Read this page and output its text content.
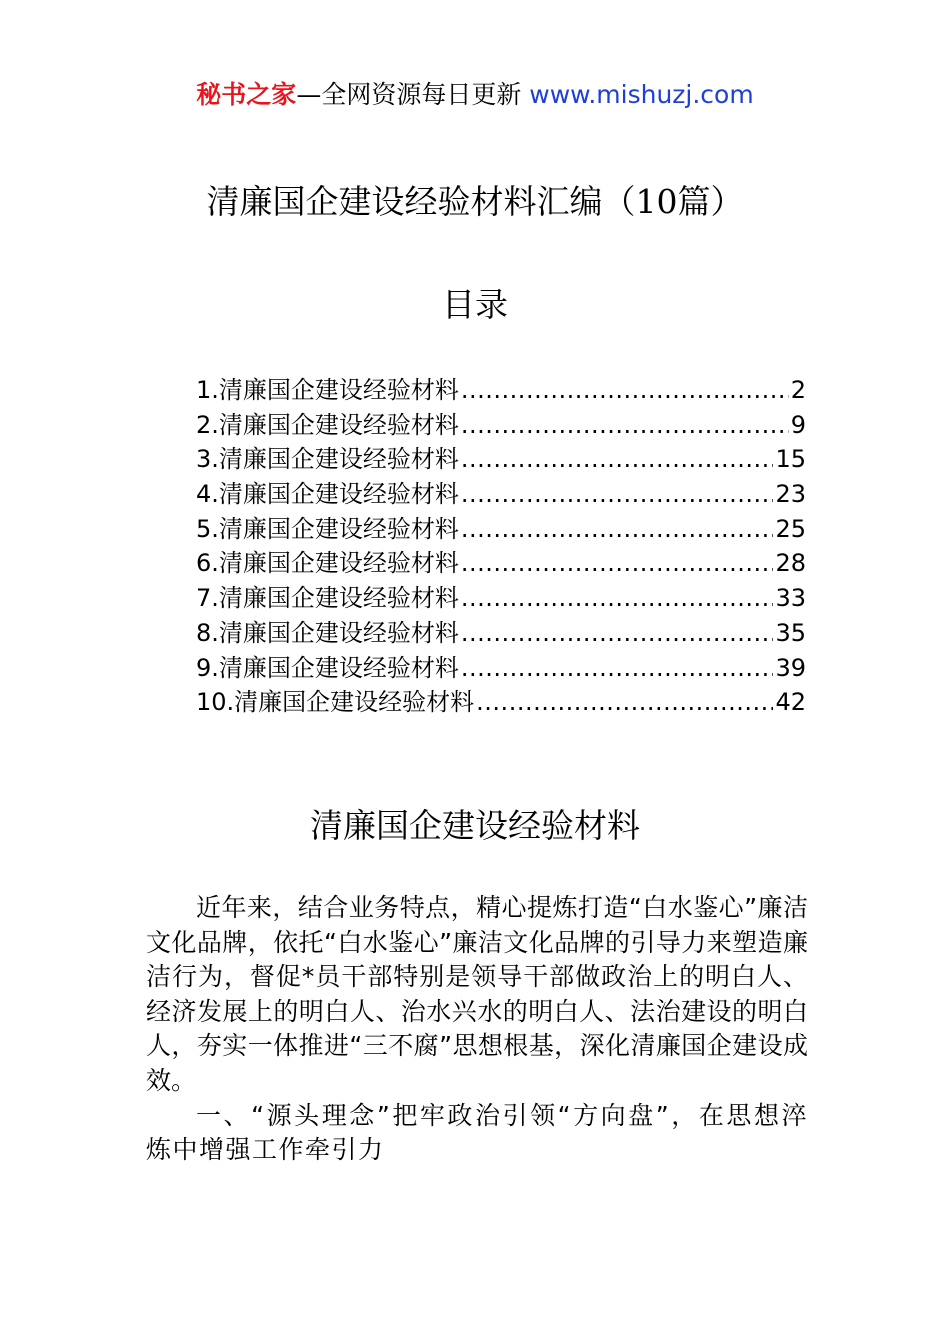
秘书之家—全网资源每日更新 www.mishuzj.com
清廉国企建设经验材料汇编（10篇）
目录
1.清廉国企建设经验材料 .....	2
2.清廉国企建设经验材料 .....	9
3.清廉国企建设经验材料 .....	15
4.清廉国企建设经验材料 .....	23
5.清廉国企建设经验材料 .....	25
6.清廉国企建设经验材料 .....	28
7.清廉国企建设经验材料 .....	33
8.清廉国企建设经验材料 .....	35
9.清廉国企建设经验材料 .....	39
10.清廉国企建设经验材料 .....	42
清廉国企建设经验材料

近年来，结合业务特点，精心提炼打造“白水鉴心”廉洁文化品牌，依托“白水鉴心”廉洁文化品牌的引导力来塑造廉洁行为，督促*员干部特别是领导干部做政治上的明白人、经济发展上的明白人、治水兴水的明白人、法治建设的明白人，夯实一体推进“三不腐”思想根基，深化清廉国企建设成效。

一、“源头理念”把牢政治引领“方向盘”，在思想淬炼中增强工作牵引力
